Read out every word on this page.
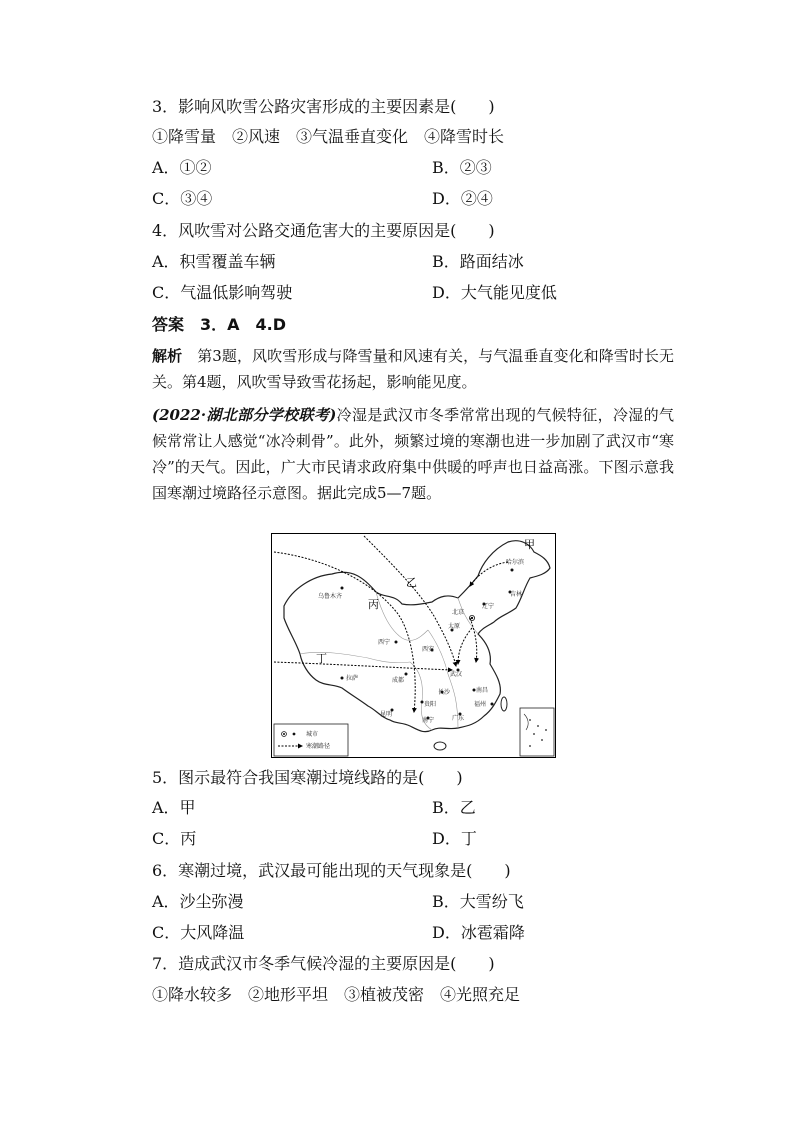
3．影响风吹雪公路灾害形成的主要因素是(　　)
①降雪量　②风速　③气温垂直变化　④降雪时长
A．①②	B．②③
C．③④	D．②④
4．风吹雪对公路交通危害大的主要原因是(　　)
A．积雪覆盖车辆	B．路面结冰
C．气温低影响驾驶	D．大气能见度低
答案　3．A　4.D
解析　第3题，风吹雪形成与降雪量和风速有关，与气温垂直变化和降雪时长无关。第4题，风吹雪导致雪花扬起，影响能见度。
(2022·湖北部分学校联考)冷湿是武汉市冬季常常出现的气候特征，冷湿的气候常常让人感觉“冰冷刺骨”。此外，频繁过境的寒潮也进一步加剧了武汉市“寒冷”的天气。因此，广大市民请求政府集中供暖的呼声也日益高涨。下图示意我国寒潮过境路径示意图。据此完成5—7题。
甲
乙
丙
丁
乌鲁木齐
哈尔滨
吉林
辽宁
北京
太原
西宁
西安
拉萨	成都
武汉
长沙	南昌
贵阳	福州
昆明
南宁	广东
城市
寒潮路径
5．图示最符合我国寒潮过境线路的是(　　)
A．甲	B．乙
C．丙	D．丁
6．寒潮过境，武汉最可能出现的天气现象是(　　)
A．沙尘弥漫	B．大雪纷飞
C．大风降温	D．冰雹霜降
7．造成武汉市冬季气候冷湿的主要原因是(　　)
①降水较多　②地形平坦　③植被茂密　④光照充足
